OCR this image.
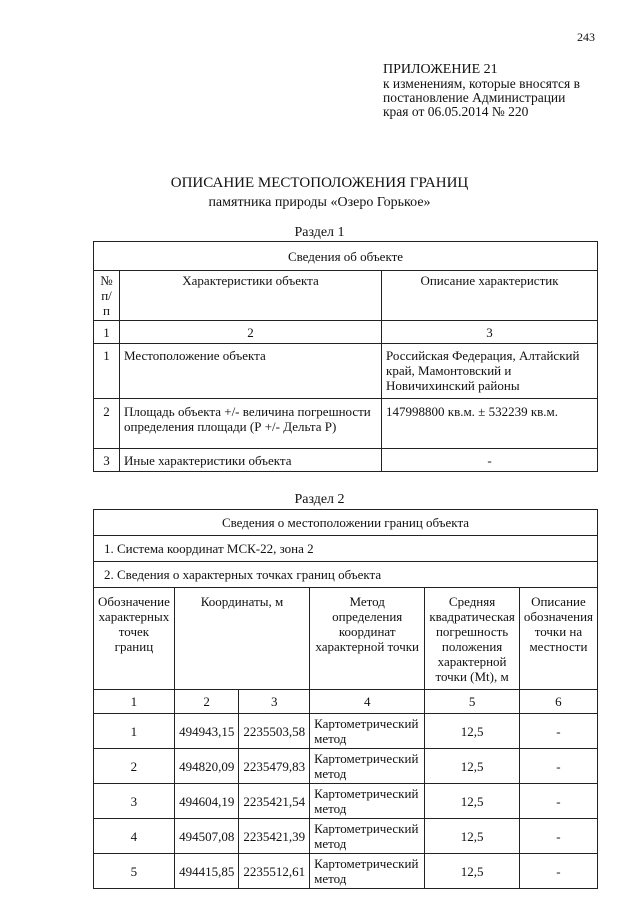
243
ПРИЛОЖЕНИЕ 21
к изменениям, которые вносятся в
постановление Администрации
края от 06.05.2014 № 220
ОПИСАНИЕ МЕСТОПОЛОЖЕНИЯ ГРАНИЦ
памятника природы «Озеро Горькое»
Раздел 1
Сведения об объекте		
№ п/п	Характеристики объекта	Описание характеристик
1	2	3
1	Местоположение объекта	Российская Федерация, Алтайский край, Мамонтовский и Новичихинский районы
2	Площадь объекта +/- величина погрешности определения площади (Р +/- Дельта Р)	147998800 кв.м. ± 532239 кв.м.
3	Иные характеристики объекта	-
Раздел 2
Сведения о местоположении границ объекта					
1. Система координат МСК-22, зона 2					
2. Сведения о характерных точках границ объекта					
Обозначение характерных точек границ	Координаты, м		Метод определения координат характерной точки	Средняя квадратическая погрешность положения характерной точки (Mt), м	Описание обозначения точки на местности
1	2	3	4	5	6
1	494943,15	2235503,58	Картометрический метод	12,5	-
2	494820,09	2235479,83	Картометрический метод	12,5	-
3	494604,19	2235421,54	Картометрический метод	12,5	-
4	494507,08	2235421,39	Картометрический метод	12,5	-
5	494415,85	2235512,61	Картометрический метод	12,5	-
